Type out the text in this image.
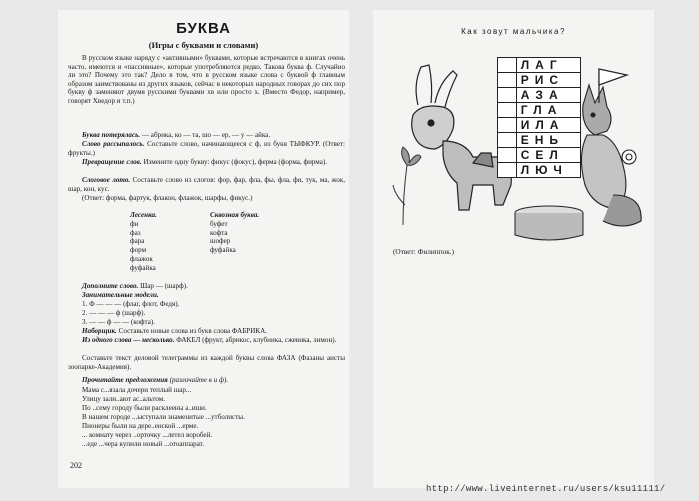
БУКВА
(Игры с буквами и словами)

В русском языке наряду с «активными» буквами, которые встречаются в книгах очень часто, имеются и «пассивные», которые употребляются редко. Такова буква ф. Случайно ли это? Почему это так? Дело в том, что в русском языке слова с буквой ф главным образом заимствованы из других языков, сейчас в некоторых народных говорах до сих пор букву ф заменяют двумя русскими буквами хв или просто х. (Вместо Федор, например, говорят Хведор и т.п.)

Буква потерялась. — абрика, ко — та, шо — ер, — у — айка.

Слово рассыпалось. Составьте слово, начинающееся с ф, из букв ТЫФКУР. (Ответ: фрукты.)

Превращение слов. Измените одну букву: фикус (фокус), ферма (форма, фирма).

Слоговое лото. Составьте слово из слогов: фор, фар, фла, фы, фла, фи, тук, ма, жок, шар, кон, кус.

(Ответ: форма, фартук, флакон, флажок, шарфы, фикус.)

Лесенка.
фи
фаз
фара
форм
флажок
фуфайка
Сквозная буква.
буфет
кофта
шофер
фуфайка

Дополните слово. Шар — (шарф).

Занимательные модели.

1. Ф — — — (флаг, флот, Федя).

2. — — — ф (шарф).

3. — — ф — — (кофта).

Наборщик. Составьте новые слова из букв слова ФАБРИКА.

Из одного слова — несколько. ФАКЕЛ (фрукт, абрикос, клубника, сжевика, лимон).

Составьте текст деловой телеграммы из каждой буквы слова ФАЗА (Фазаны аисты зоопарке-Академия).

Прочитайте предложения (различайте в и ф).

Мама с...язала дочери теплый шар...

Улицу зали..ают ас..альтом.

По ..сему городу были расклеены а..иши.

В нашем городе ...ыступали знаменитые ...утболисты.

Пионеры были на дере..енской ...ерме.

... комнату через ..орточку ...летел воробей.

...еде ...чера купили новый ...отоаппарат.

202
Как зовут мальчика?
ЛАГ
РИС
АЗА
ГЛА
ИЛА
ЕНЬ
СЕЛ
ЛЮЧ
(Ответ: Филиппок.)
http://www.liveinternet.ru/users/ksu11111/
